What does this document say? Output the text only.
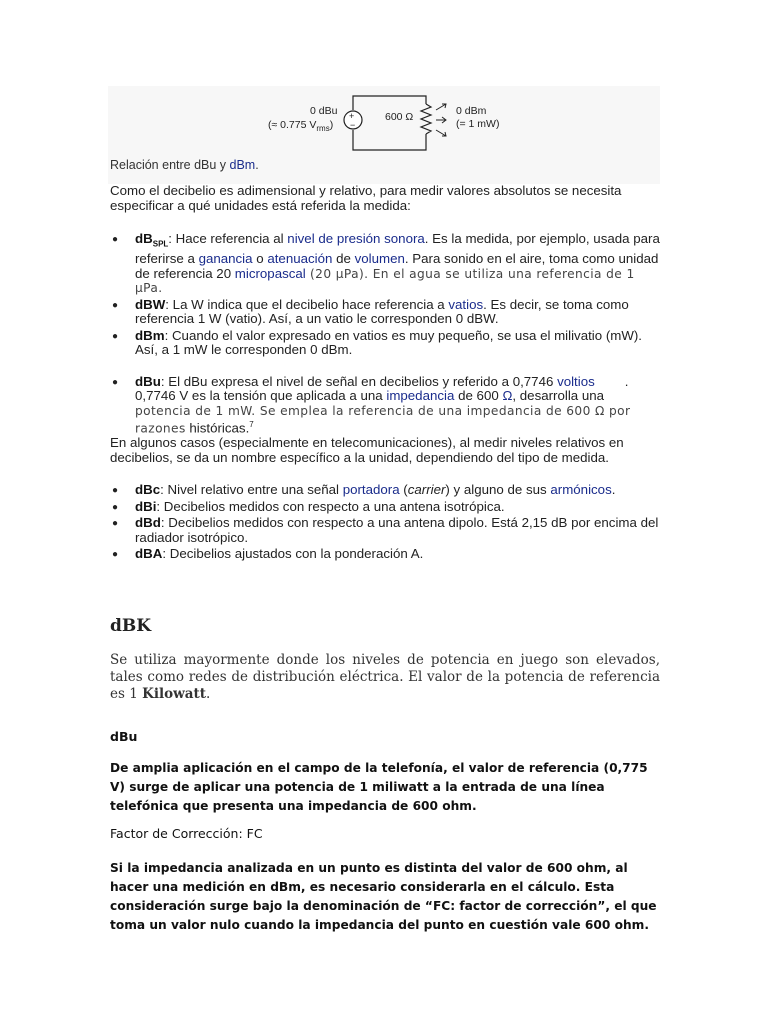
0 dBu
(≈ 0.775 $V_{rms}$)
+
−
600 Ω	0 dBm
(= 1 mW)
Relación entre dBu y dBm.
Como el decibelio es adimensional y relativo, para medir valores absolutos se necesita especificar a qué unidades está referida la medida:
● $dB_{SPL}$: Hace referencia al nivel de presión sonora. Es la medida, por ejemplo, usada para referirse a ganancia o atenuación de volumen. Para sonido en el aire, toma como unidad de referencia 20 micropascal (20 µPa). En el agua se utiliza una referencia de 1 µPa.
● dBW: La W indica que el decibelio hace referencia a vatios. Es decir, se toma como referencia 1 W (vatio). Así, a un vatio le corresponden 0 dBW.
● dBm: Cuando el valor expresado en vatios es muy pequeño, se usa el milivatio (mW). Así, a 1 mW le corresponden 0 dBm.
● dBu: El dBu expresa el nivel de señal en decibelios y referido a 0,7746 voltios . 0,7746 V es la tensión que aplicada a una impedancia de 600 Ω, desarrolla una potencia de 1 mW. Se emplea la referencia de una impedancia de 600 Ω por razones históricas.$^7$
En algunos casos (especialmente en telecomunicaciones), al medir niveles relativos en decibelios, se da un nombre específico a la unidad, dependiendo del tipo de medida.
● dBc: Nivel relativo entre una señal portadora (carrier) y alguno de sus armónicos.
● dBi: Decibelios medidos con respecto a una antena isotrópica.
● dBd: Decibelios medidos con respecto a una antena dipolo. Está 2,15 dB por encima del radiador isotrópico.
● dBA: Decibelios ajustados con la ponderación A.
dBK
Se utiliza mayormente donde los niveles de potencia en juego son elevados, tales como redes de distribución eléctrica. El valor de la potencia de referencia es 1 Kilowatt.
dBu
De amplia aplicación en el campo de la telefonía, el valor de referencia (0,775 V) surge de aplicar una potencia de 1 miliwatt a la entrada de una línea telefónica que presenta una impedancia de 600 ohm.
Factor de Corrección: FC
Si la impedancia analizada en un punto es distinta del valor de 600 ohm, al hacer una medición en dBm, es necesario considerarla en el cálculo. Esta consideración surge bajo la denominación de “FC: factor de corrección”, el que toma un valor nulo cuando la impedancia del punto en cuestión vale 600 ohm.
